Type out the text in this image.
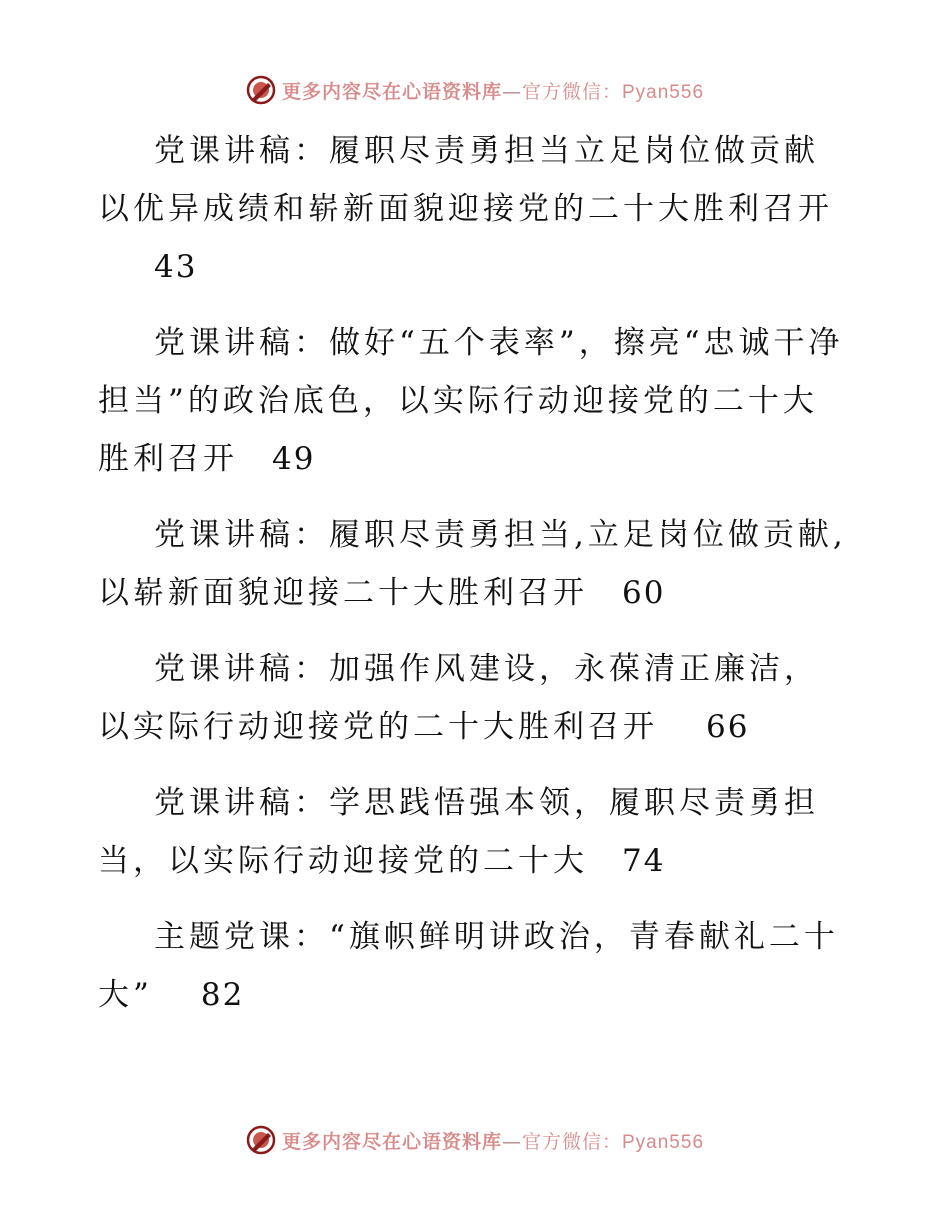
更多内容尽在心语资料库—官方微信：Pyan556

党课讲稿：履职尽责勇担当立足岗位做贡献以优异成绩和崭新面貌迎接党的二十大胜利召开
43

党课讲稿：做好“五个表率”，擦亮“忠诚干净担当”的政治底色，以实际行动迎接党的二十大胜利召开 49

党课讲稿：履职尽责勇担当,立足岗位做贡献,以崭新面貌迎接二十大胜利召开 60

党课讲稿：加强作风建设，永葆清正廉洁，以实际行动迎接党的二十大胜利召开 66

党课讲稿：学思践悟强本领，履职尽责勇担当，以实际行动迎接党的二十大 74

主题党课：“旗帜鲜明讲政治，青春献礼二十大” 82

更多内容尽在心语资料库—官方微信：Pyan556
